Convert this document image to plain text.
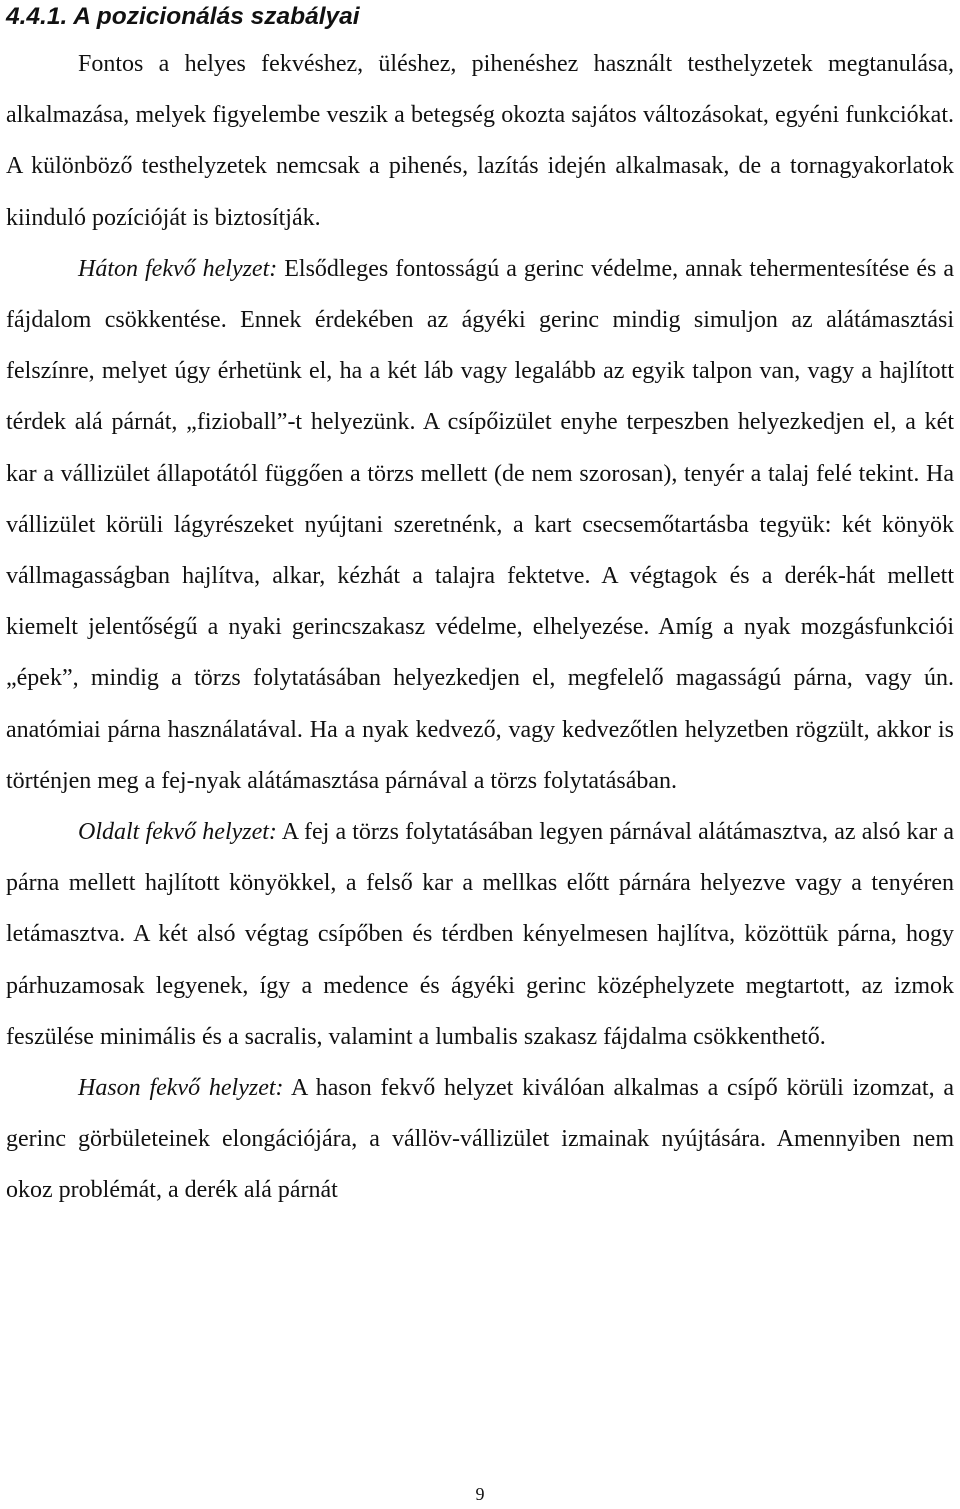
4.4.1. A pozicionálás szabályai

Fontos a helyes fekvéshez, üléshez, pihenéshez használt testhelyzetek megtanulása, alkalmazása, melyek figyelembe veszik a betegség okozta sajátos változásokat, egyéni funkciókat. A különböző testhelyzetek nemcsak a pihenés, lazítás idején alkalmasak, de a tornagyakorlatok kiinduló pozícióját is biztosítják.

Háton fekvő helyzet: Elsődleges fontosságú a gerinc védelme, annak tehermentesítése és a fájdalom csökkentése. Ennek érdekében az ágyéki gerinc mindig simuljon az alátámasztási felszínre, melyet úgy érhetünk el, ha a két láb vagy legalább az egyik talpon van, vagy a hajlított térdek alá párnát, „fizioball”-t helyezünk. A csípőizület enyhe terpeszben helyezkedjen el, a két kar a vállizület állapotától függően a törzs mellett (de nem szorosan), tenyér a talaj felé tekint. Ha vállizület körüli lágyrészeket nyújtani szeretnénk, a kart csecsemőtartásba tegyük: két könyök vállmagasságban hajlítva, alkar, kézhát a talajra fektetve. A végtagok és a derék-hát mellett kiemelt jelentőségű a nyaki gerincszakasz védelme, elhelyezése. Amíg a nyak mozgásfunkciói „épek”, mindig a törzs folytatásában helyezkedjen el, megfelelő magasságú párna, vagy ún. anatómiai párna használatával. Ha a nyak kedvező, vagy kedvezőtlen helyzetben rögzült, akkor is történjen meg a fej-nyak alátámasztása párnával a törzs folytatásában.

Oldalt fekvő helyzet: A fej a törzs folytatásában legyen párnával alátámasztva, az alsó kar a párna mellett hajlított könyökkel, a felső kar a mellkas előtt párnára helyezve vagy a tenyéren letámasztva. A két alsó végtag csípőben és térdben kényelmesen hajlítva, közöttük párna, hogy párhuzamosak legyenek, így a medence és ágyéki gerinc középhelyzete megtartott, az izmok feszülése minimális és a sacralis, valamint a lumbalis szakasz fájdalma csökkenthető.

Hason fekvő helyzet: A hason fekvő helyzet kiválóan alkalmas a csípő körüli izomzat, a gerinc görbületeinek elongációjára, a vállöv-vállizület izmainak nyújtására. Amennyiben nem okoz problémát, a derék alá párnát

9
